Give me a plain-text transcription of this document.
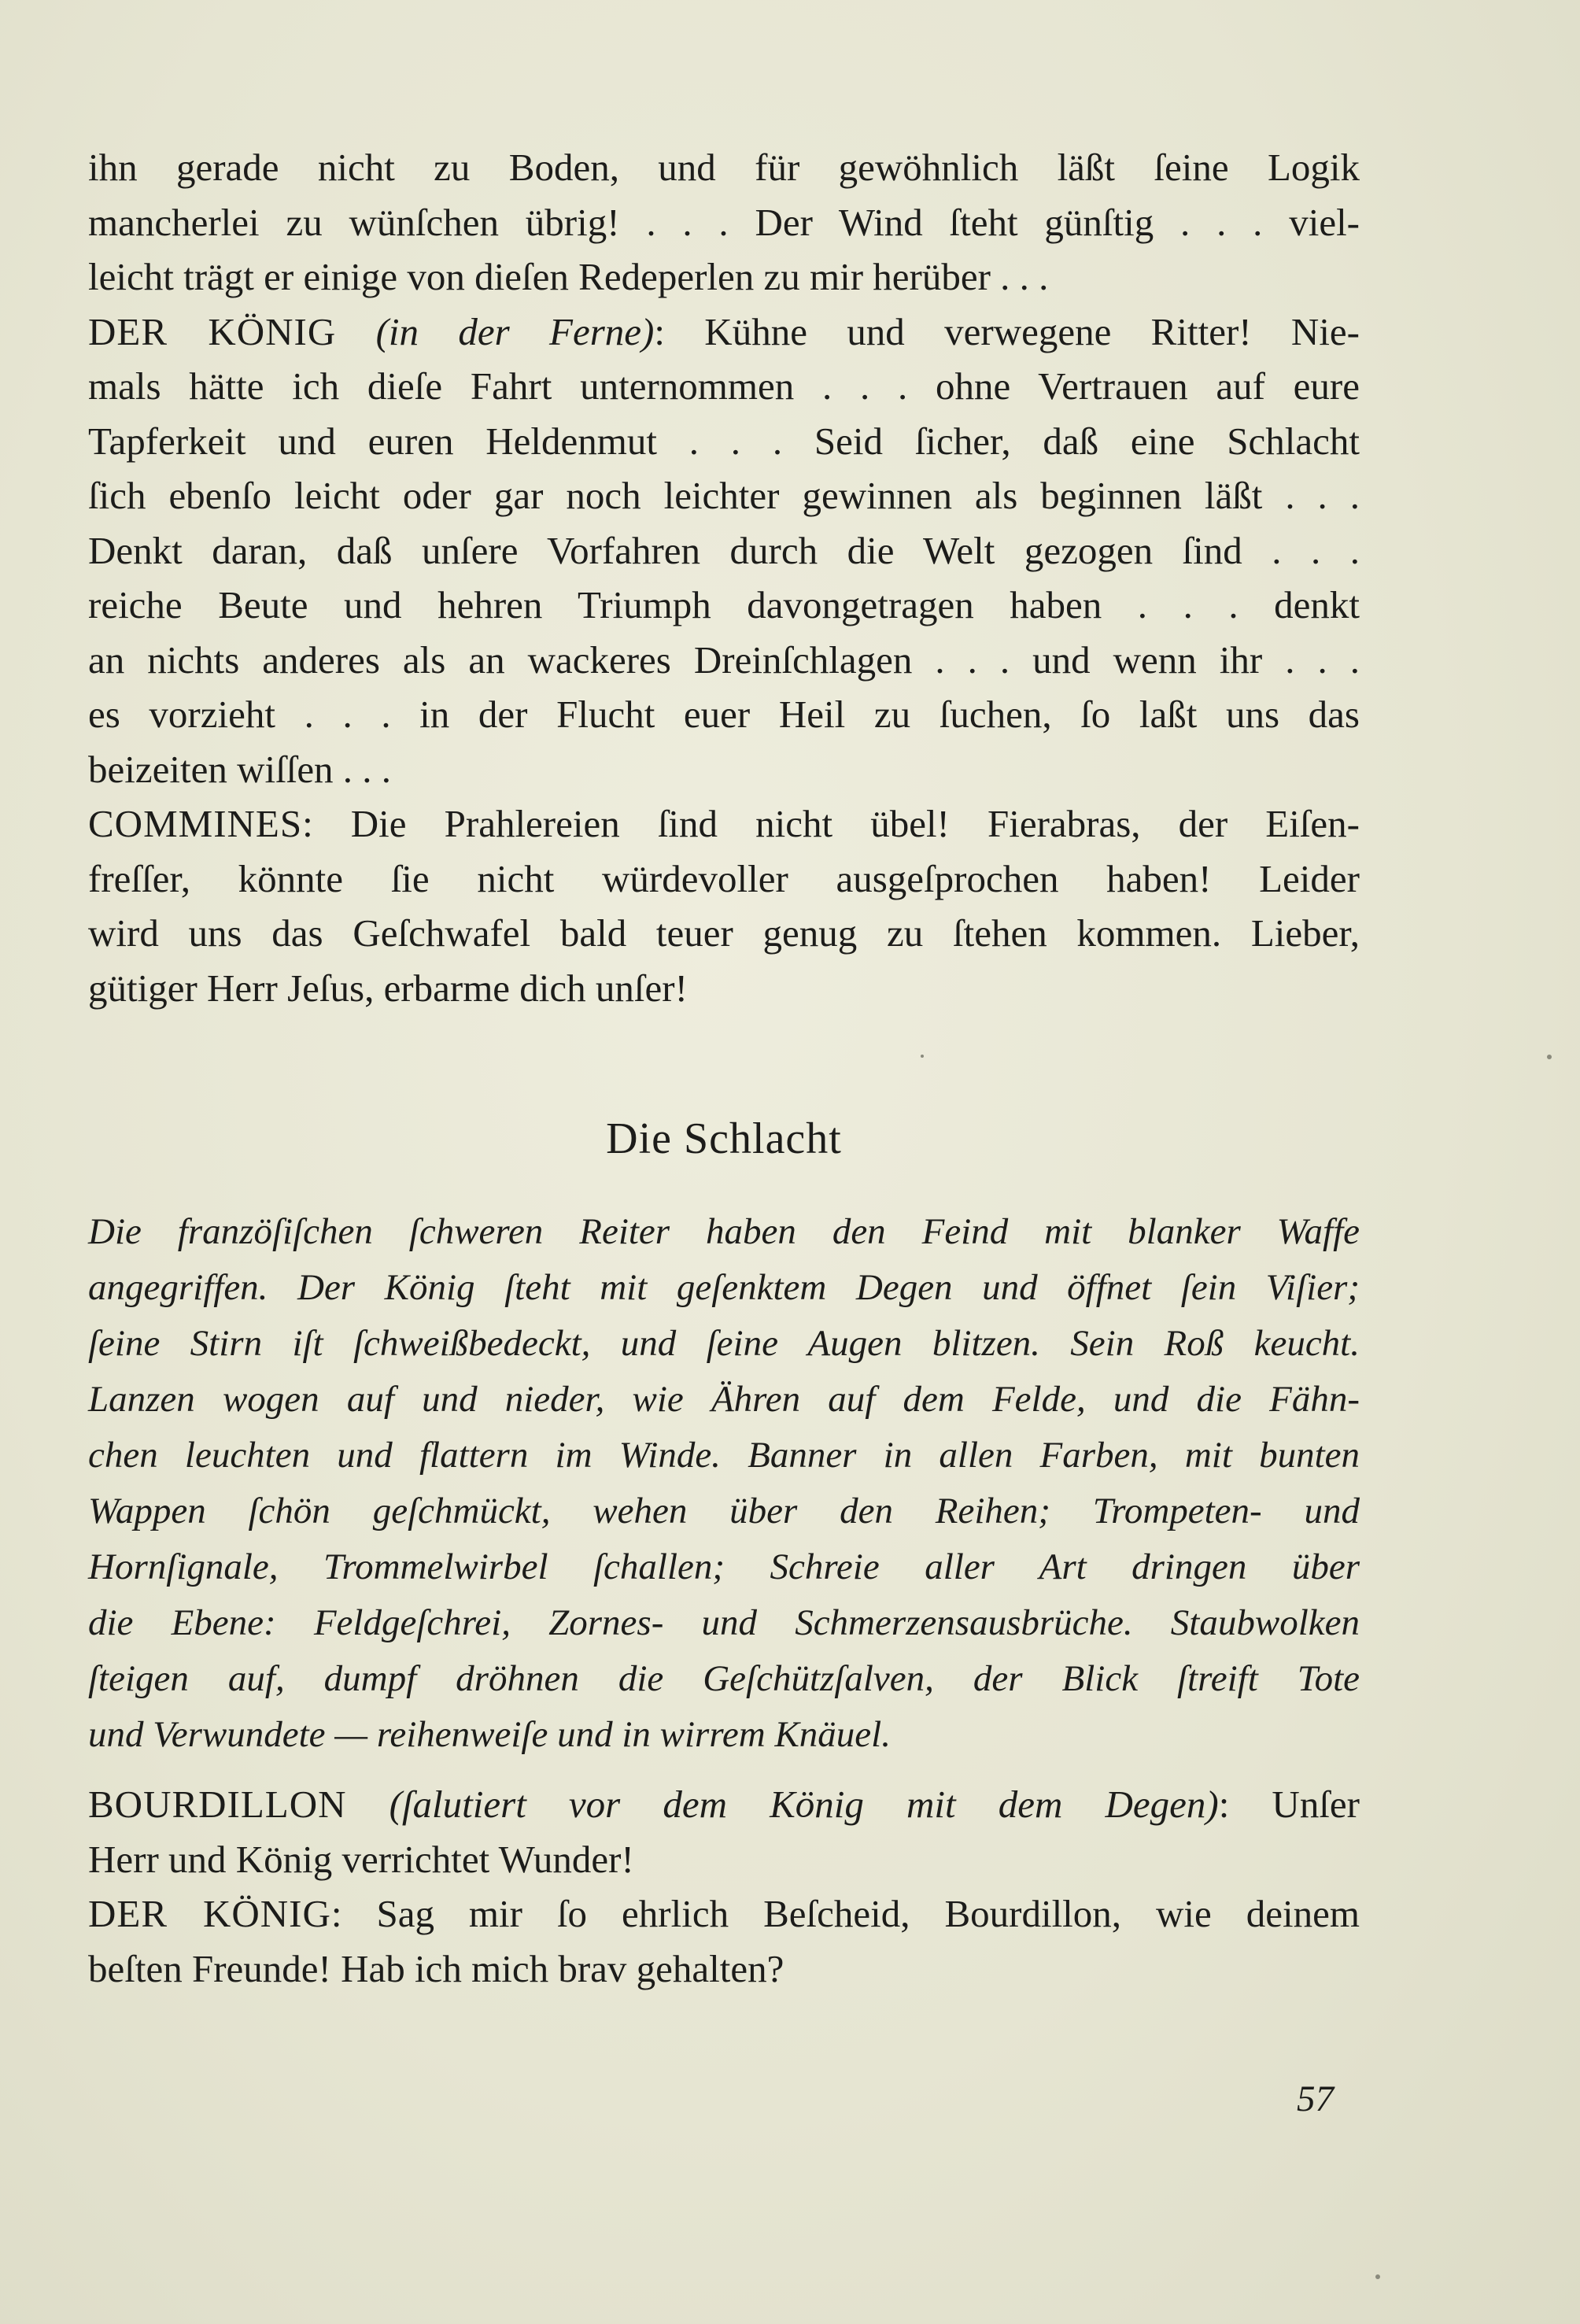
ihn gerade nicht zu Boden, und für gewöhnlich läßt ſeine Logik
mancherlei zu wünſchen übrig! . . . Der Wind ſteht günſtig . . . viel-
leicht trägt er einige von dieſen Redeperlen zu mir herüber . . .
DER KÖNIG (in der Ferne): Kühne und verwegene Ritter! Nie-
mals hätte ich dieſe Fahrt unternommen . . . ohne Vertrauen auf eure
Tapferkeit und euren Heldenmut . . . Seid ſicher, daß eine Schlacht
ſich ebenſo leicht oder gar noch leichter gewinnen als beginnen läßt . . .
Denkt daran, daß unſere Vorfahren durch die Welt gezogen ſind . . .
reiche Beute und hehren Triumph davongetragen haben . . . denkt
an nichts anderes als an wackeres Dreinſchlagen . . . und wenn ihr . . .
es vorzieht . . . in der Flucht euer Heil zu ſuchen, ſo laßt uns das
beizeiten wiſſen . . .
COMMINES: Die Prahlereien ſind nicht übel! Fierabras, der Eiſen-
freſſer, könnte ſie nicht würdevoller ausgeſprochen haben! Leider
wird uns das Geſchwafel bald teuer genug zu ſtehen kommen. Lieber,
gütiger Herr Jeſus, erbarme dich unſer!
Die Schlacht
Die franzöſiſchen ſchweren Reiter haben den Feind mit blanker Waffe
angegriffen. Der König ſteht mit geſenktem Degen und öffnet ſein Viſier;
ſeine Stirn iſt ſchweißbedeckt, und ſeine Augen blitzen. Sein Roß keucht.
Lanzen wogen auf und nieder, wie Ähren auf dem Felde, und die Fähn-
chen leuchten und flattern im Winde. Banner in allen Farben, mit bunten
Wappen ſchön geſchmückt, wehen über den Reihen; Trompeten- und
Hornſignale, Trommelwirbel ſchallen; Schreie aller Art dringen über
die Ebene: Feldgeſchrei, Zornes- und Schmerzensausbrüche. Staubwolken
ſteigen auf, dumpf dröhnen die Geſchützſalven, der Blick ſtreift Tote
und Verwundete — reihenweiſe und in wirrem Knäuel.
BOURDILLON (ſalutiert vor dem König mit dem Degen): Unſer
Herr und König verrichtet Wunder!
DER KÖNIG: Sag mir ſo ehrlich Beſcheid, Bourdillon, wie deinem
beſten Freunde! Hab ich mich brav gehalten?
57
